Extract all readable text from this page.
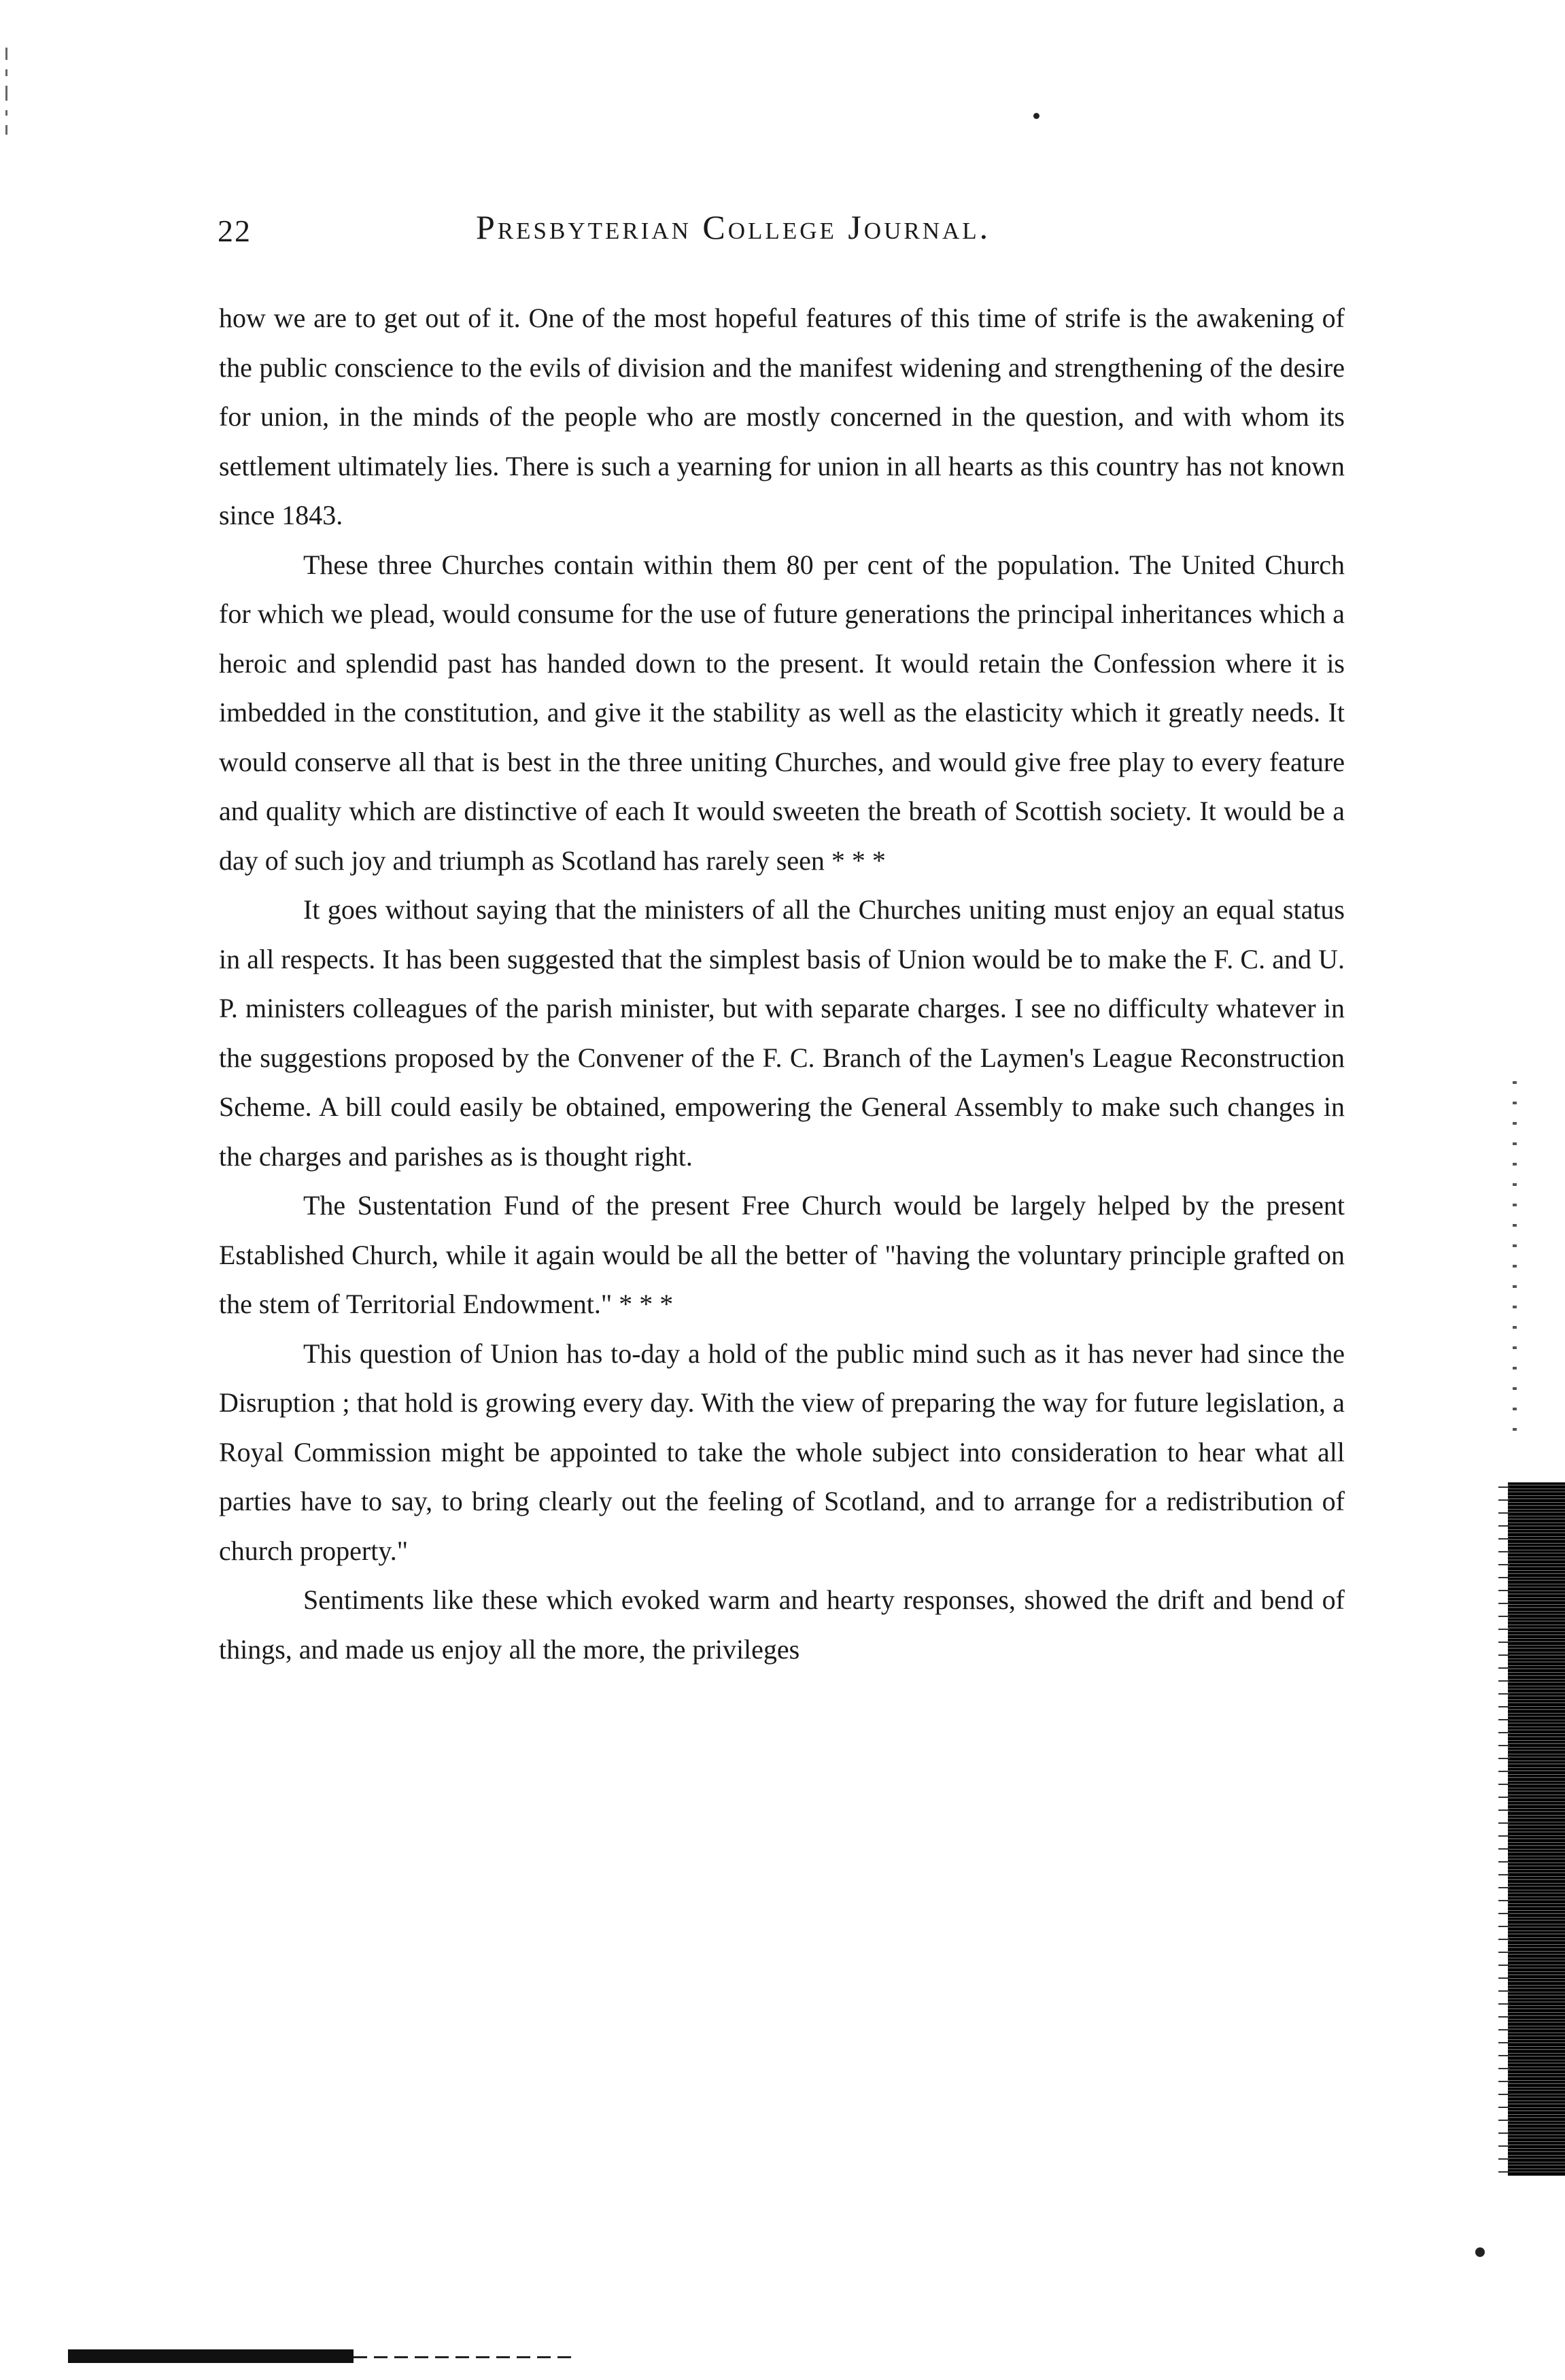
22	Presbyterian College Journal.

how we are to get out of it. One of the most hopeful features of this time of strife is the awakening of the public conscience to the evils of division and the manifest widening and strengthening of the desire for union, in the minds of the people who are mostly concerned in the question, and with whom its settlement ultimately lies. There is such a yearning for union in all hearts as this country has not known since 1843.

These three Churches contain within them 80 per cent of the population. The United Church for which we plead, would consume for the use of future generations the principal inheritances which a heroic and splendid past has handed down to the present. It would retain the Confession where it is imbedded in the constitution, and give it the stability as well as the elasticity which it greatly needs. It would conserve all that is best in the three uniting Churches, and would give free play to every feature and quality which are distinctive of each It would sweeten the breath of Scottish society. It would be a day of such joy and triumph as Scotland has rarely seen * * *

It goes without saying that the ministers of all the Churches uniting must enjoy an equal status in all respects. It has been suggested that the simplest basis of Union would be to make the F. C. and U. P. ministers colleagues of the parish minister, but with separate charges. I see no difficulty whatever in the suggestions proposed by the Convener of the F. C. Branch of the Laymen's League Reconstruction Scheme. A bill could easily be obtained, empowering the General Assembly to make such changes in the charges and parishes as is thought right.

The Sustentation Fund of the present Free Church would be largely helped by the present Established Church, while it again would be all the better of "having the voluntary principle grafted on the stem of Territorial Endowment." * * *

This question of Union has to-day a hold of the public mind such as it has never had since the Disruption ; that hold is growing every day. With the view of preparing the way for future legislation, a Royal Commission might be appointed to take the whole subject into consideration to hear what all parties have to say, to bring clearly out the feeling of Scotland, and to arrange for a redistribution of church property."

Sentiments like these which evoked warm and hearty responses, showed the drift and bend of things, and made us enjoy all the more, the privileges
